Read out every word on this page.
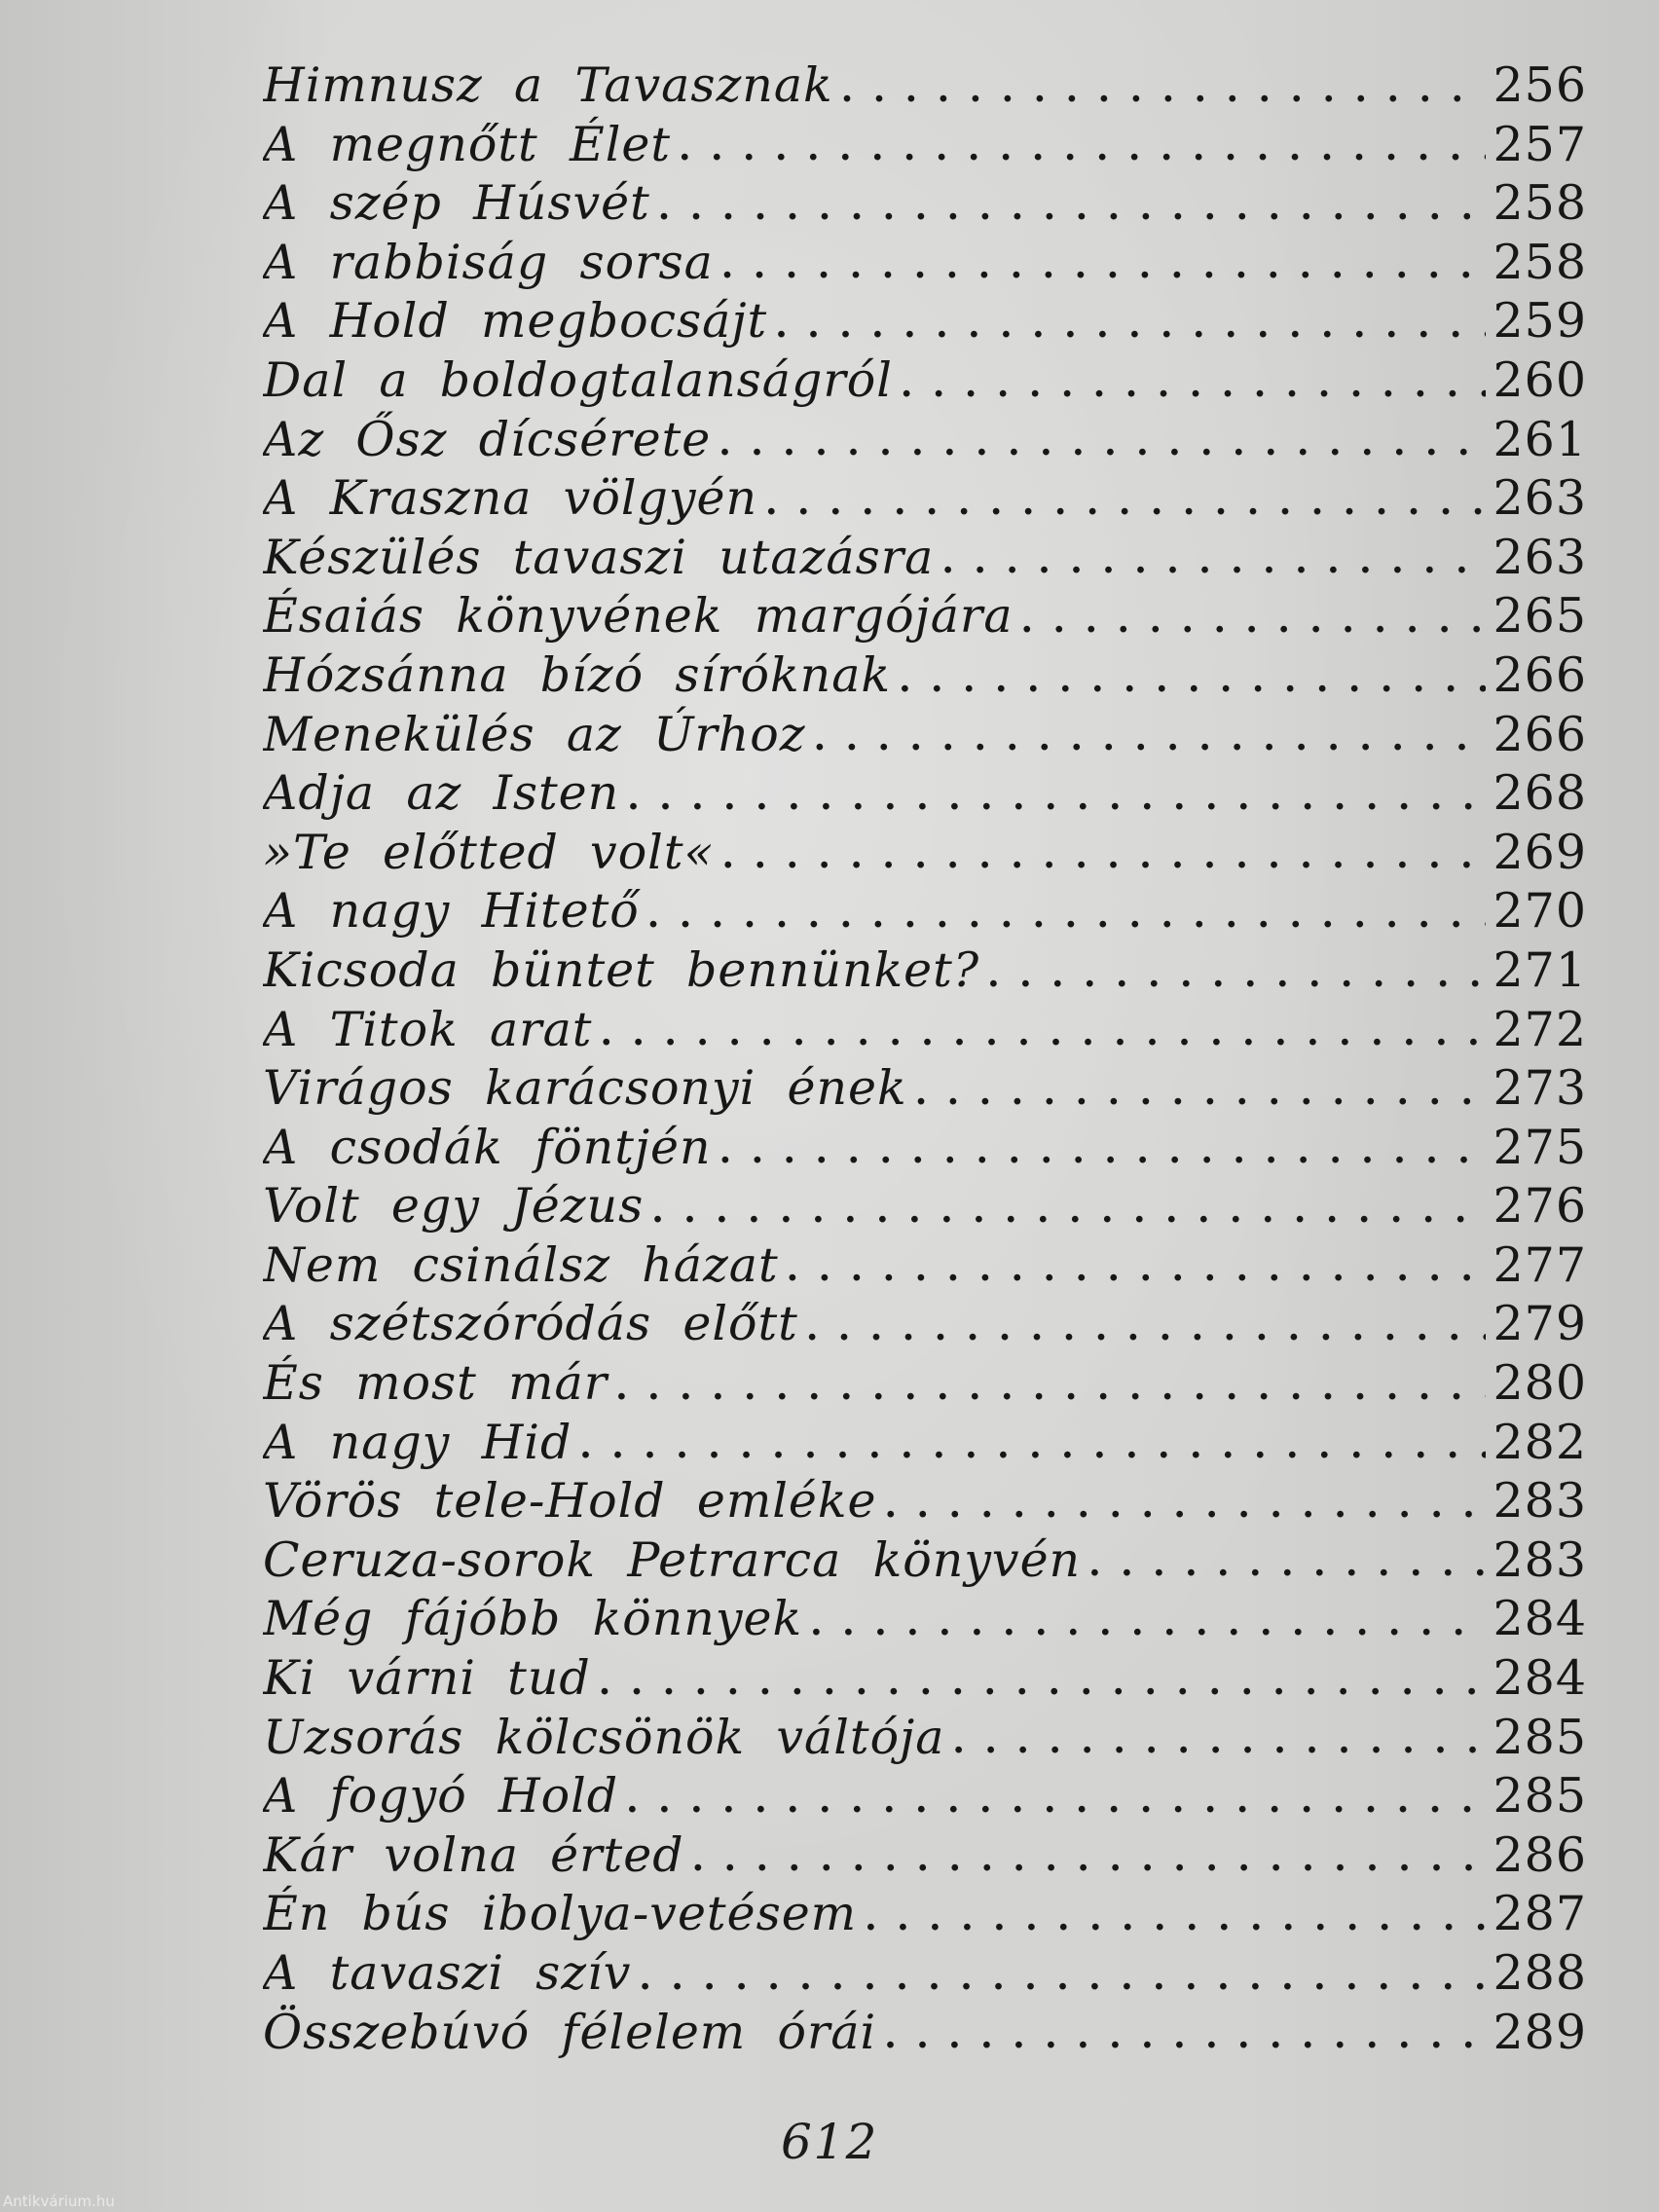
Himnusz a Tavasznak . . .	256
A megnőtt Élet . . .	257
A szép Húsvét . . .	258
A rabbiság sorsa . . .	258
A Hold megbocsájt . . .	259
Dal a boldogtalanságról . . .	260
Az Ősz dícsérete . . .	261
A Kraszna völgyén . . .	263
Készülés tavaszi utazásra . . .	263
Ésaiás könyvének margójára . . .	265
Hózsánna bízó síróknak . . .	266
Menekülés az Úrhoz . . .	266
Adja az Isten . . .	268
»Te előtted volt« . . .	269
A nagy Hitető . . .	270
Kicsoda büntet bennünket? . . .	271
A Titok arat . . .	272
Virágos karácsonyi ének . . .	273
A csodák föntjén . . .	275
Volt egy Jézus . . .	276
Nem csinálsz házat . . .	277
A szétszóródás előtt . . .	279
És most már . . .	280
A nagy Hid . . .	282
Vörös tele-Hold emléke . . .	283
Ceruza-sorok Petrarca könyvén . . .	283
Még fájóbb könnyek . . .	284
Ki várni tud . . .	284
Uzsorás kölcsönök váltója . . .	285
A fogyó Hold . . .	285
Kár volna érted . . .	286
Én bús ibolya-vetésem . . .	287
A tavaszi szív . . .	288
Összebúvó félelem órái . . .	289
612
Antikvárium.hu
